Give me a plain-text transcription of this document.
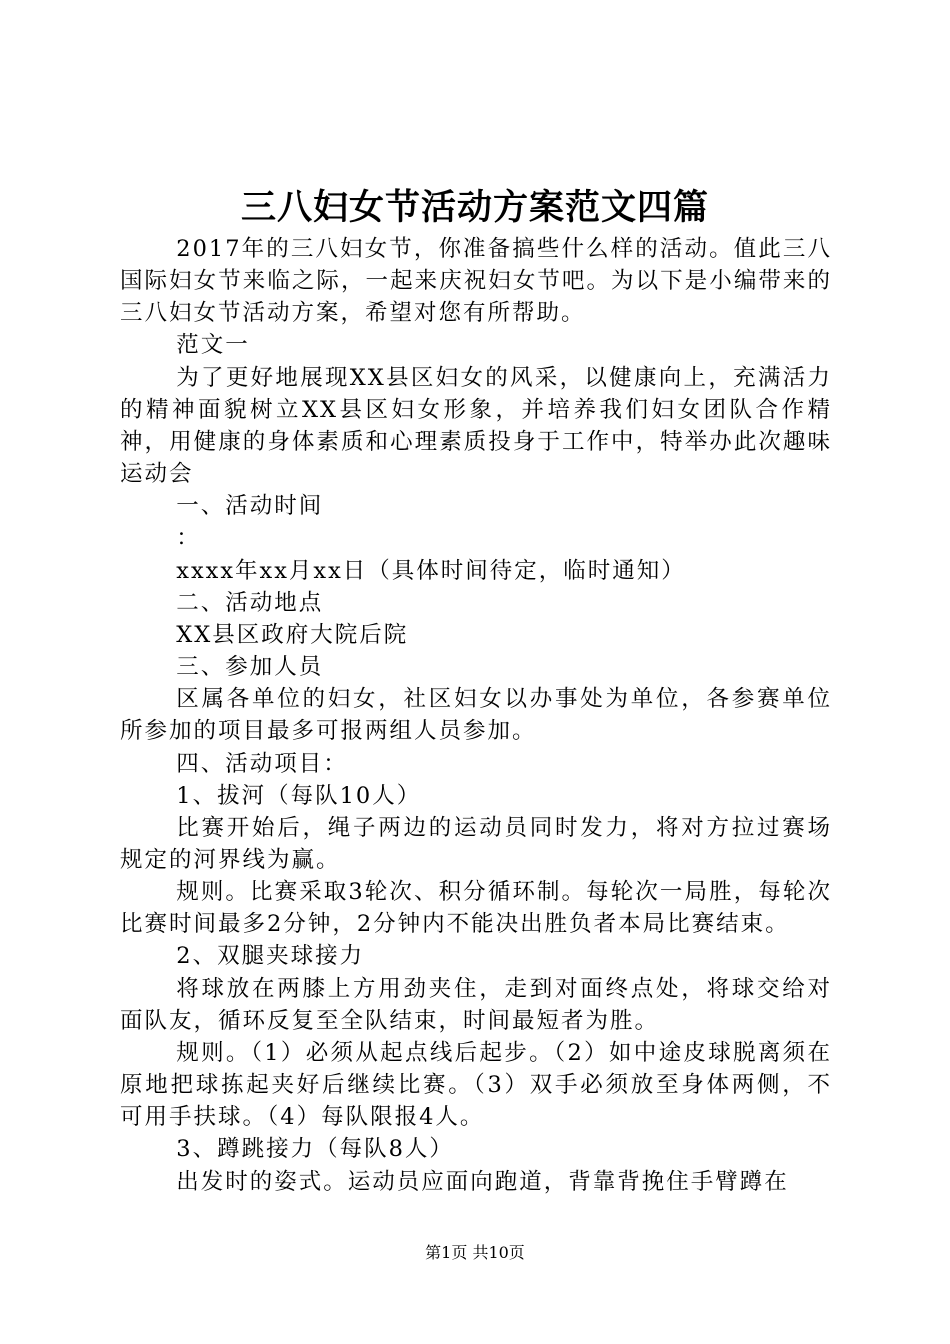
三八妇女节活动方案范文四篇

2017年的三八妇女节，你准备搞些什么样的活动。值此三八国际妇女节来临之际，一起来庆祝妇女节吧。为以下是小编带来的三八妇女节活动方案，希望对您有所帮助。

范文一

为了更好地展现XX县区妇女的风采，以健康向上，充满活力的精神面貌树立XX县区妇女形象，并培养我们妇女团队合作精神，用健康的身体素质和心理素质投身于工作中，特举办此次趣味运动会

一、活动时间

：

xxxx年xx月xx日（具体时间待定，临时通知）

二、活动地点

XX县区政府大院后院

三、参加人员

区属各单位的妇女，社区妇女以办事处为单位，各参赛单位所参加的项目最多可报两组人员参加。

四、活动项目：

1、拔河（每队10人）

比赛开始后，绳子两边的运动员同时发力，将对方拉过赛场规定的河界线为赢。

规则。比赛采取3轮次、积分循环制。每轮次一局胜，每轮次比赛时间最多2分钟，2分钟内不能决出胜负者本局比赛结束。

2、双腿夹球接力

将球放在两膝上方用劲夹住，走到对面终点处，将球交给对面队友，循环反复至全队结束，时间最短者为胜。

规则。（1）必须从起点线后起步。（2）如中途皮球脱离须在原地把球拣起夹好后继续比赛。（3）双手必须放至身体两侧，不可用手扶球。（4）每队限报4人。

3、蹲跳接力（每队8人）

出发时的姿式。运动员应面向跑道，背靠背挽住手臂蹲在

第1页 共10页
